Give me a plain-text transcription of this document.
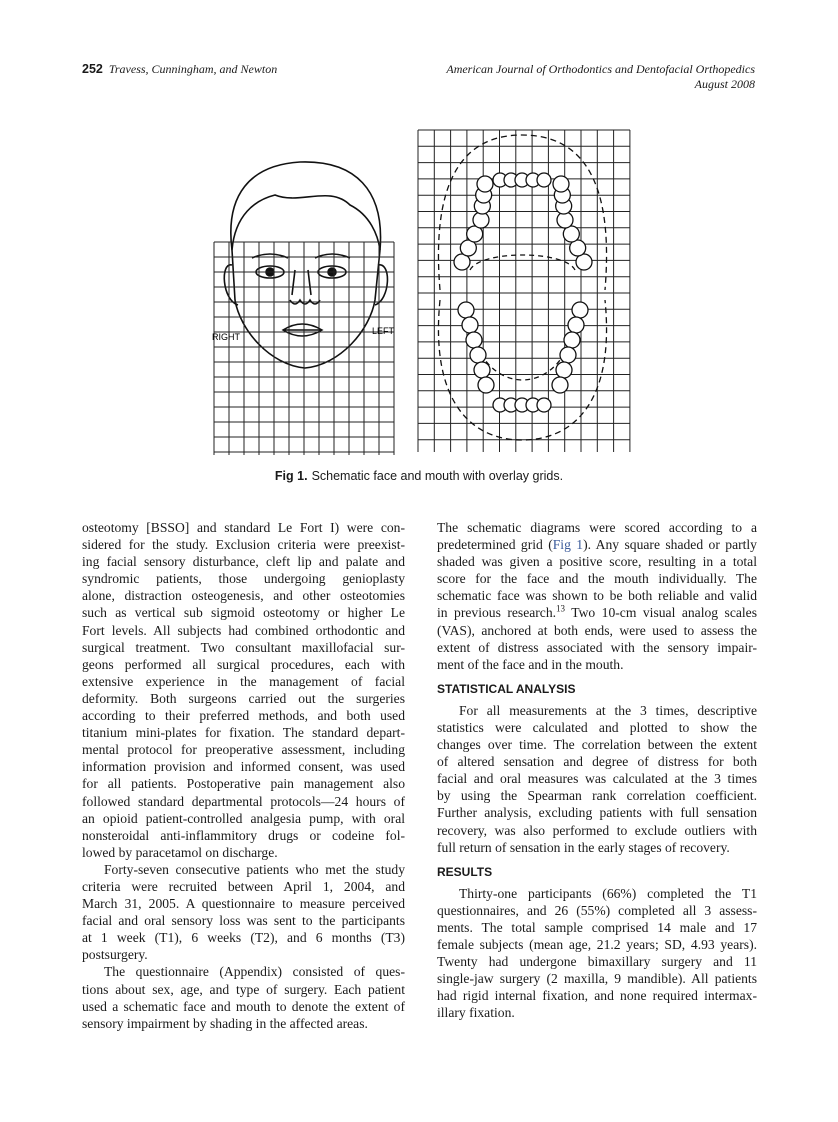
252 Travess, Cunningham, and Newton	American Journal of Orthodontics and Dentofacial Orthopedics
August 2008
RIGHT
LEFT
Fig 1. Schematic face and mouth with overlay grids.
osteotomy [BSSO] and standard Le Fort I) were con-
sidered for the study. Exclusion criteria were preexist-
ing facial sensory disturbance, cleft lip and palate and
syndromic patients, those undergoing genioplasty
alone, distraction osteogenesis, and other osteotomies
such as vertical sub sigmoid osteotomy or higher Le
Fort levels. All subjects had combined orthodontic and
surgical treatment. Two consultant maxillofacial sur-
geons performed all surgical procedures, each with
extensive experience in the management of facial
deformity. Both surgeons carried out the surgeries
according to their preferred methods, and both used
titanium mini-plates for fixation. The standard depart-
mental protocol for preoperative assessment, including
information provision and informed consent, was used
for all patients. Postoperative pain management also
followed standard departmental protocols—24 hours of
an opioid patient-controlled analgesia pump, with oral
nonsteroidal anti-inflammitory drugs or codeine fol-
lowed by paracetamol on discharge.
Forty-seven consecutive patients who met the study
criteria were recruited between April 1, 2004, and
March 31, 2005. A questionnaire to measure perceived
facial and oral sensory loss was sent to the participants
at 1 week (T1), 6 weeks (T2), and 6 months (T3)
postsurgery.
The questionnaire (Appendix) consisted of ques-
tions about sex, age, and type of surgery. Each patient
used a schematic face and mouth to denote the extent of
sensory impairment by shading in the affected areas.
The schematic diagrams were scored according to a
predetermined grid (Fig 1). Any square shaded or partly
shaded was given a positive score, resulting in a total
score for the face and the mouth individually. The
schematic face was shown to be both reliable and valid
in previous research.$^{13}$ Two 10-cm visual analog scales
(VAS), anchored at both ends, were used to assess the
extent of distress associated with the sensory impair-
ment of the face and in the mouth.
STATISTICAL ANALYSIS
For all measurements at the 3 times, descriptive
statistics were calculated and plotted to show the
changes over time. The correlation between the extent
of altered sensation and degree of distress for both
facial and oral measures was calculated at the 3 times
by using the Spearman rank correlation coefficient.
Further analysis, excluding patients with full sensation
recovery, was also performed to exclude outliers with
full return of sensation in the early stages of recovery.
RESULTS
Thirty-one participants (66%) completed the T1
questionnaires, and 26 (55%) completed all 3 assess-
ments. The total sample comprised 14 male and 17
female subjects (mean age, 21.2 years; SD, 4.93 years).
Twenty had undergone bimaxillary surgery and 11
single-jaw surgery (2 maxilla, 9 mandible). All patients
had rigid internal fixation, and none required intermax-
illary fixation.
